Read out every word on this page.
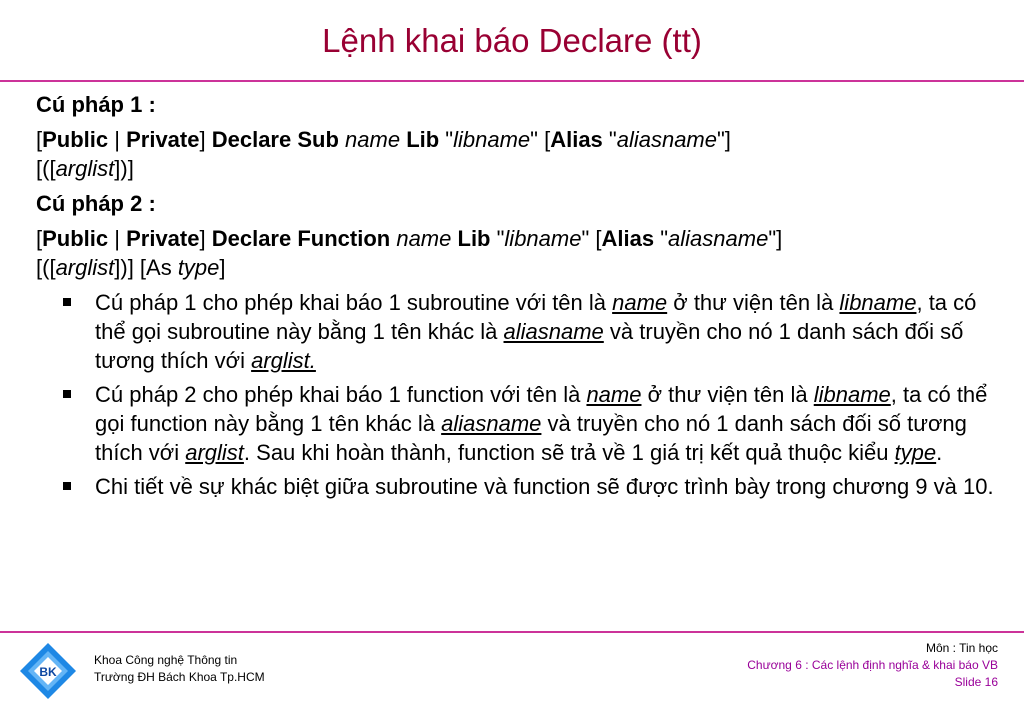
Lệnh khai báo Declare (tt)

Cú pháp 1 :

[Public | Private] Declare Sub name Lib "libname" [Alias "aliasname"]
[([arglist])]

Cú pháp 2 :

[Public | Private] Declare Function name Lib "libname" [Alias "aliasname"]
[([arglist])] [As type]

Cú pháp 1 cho phép khai báo 1 subroutine với tên là name ở thư viện tên là libname, ta có thể gọi subroutine này bằng 1 tên khác là aliasname và truyền cho nó 1 danh sách đối số tương thích với arglist.
Cú pháp 2 cho phép khai báo 1 function với tên là name ở thư viện tên là libname, ta có thể gọi function này bằng 1 tên khác là aliasname và truyền cho nó 1 danh sách đối số tương thích với arglist. Sau khi hoàn thành, function sẽ trả về 1 giá trị kết quả thuộc kiểu type.
Chi tiết về sự khác biệt giữa subroutine và function sẽ được trình bày trong chương 9 và 10.
BK
Khoa Công nghệ Thông tin
Trường ĐH Bách Khoa Tp.HCM
Môn : Tin học
Chương 6 : Các lệnh định nghĩa & khai báo VB
Slide 16
